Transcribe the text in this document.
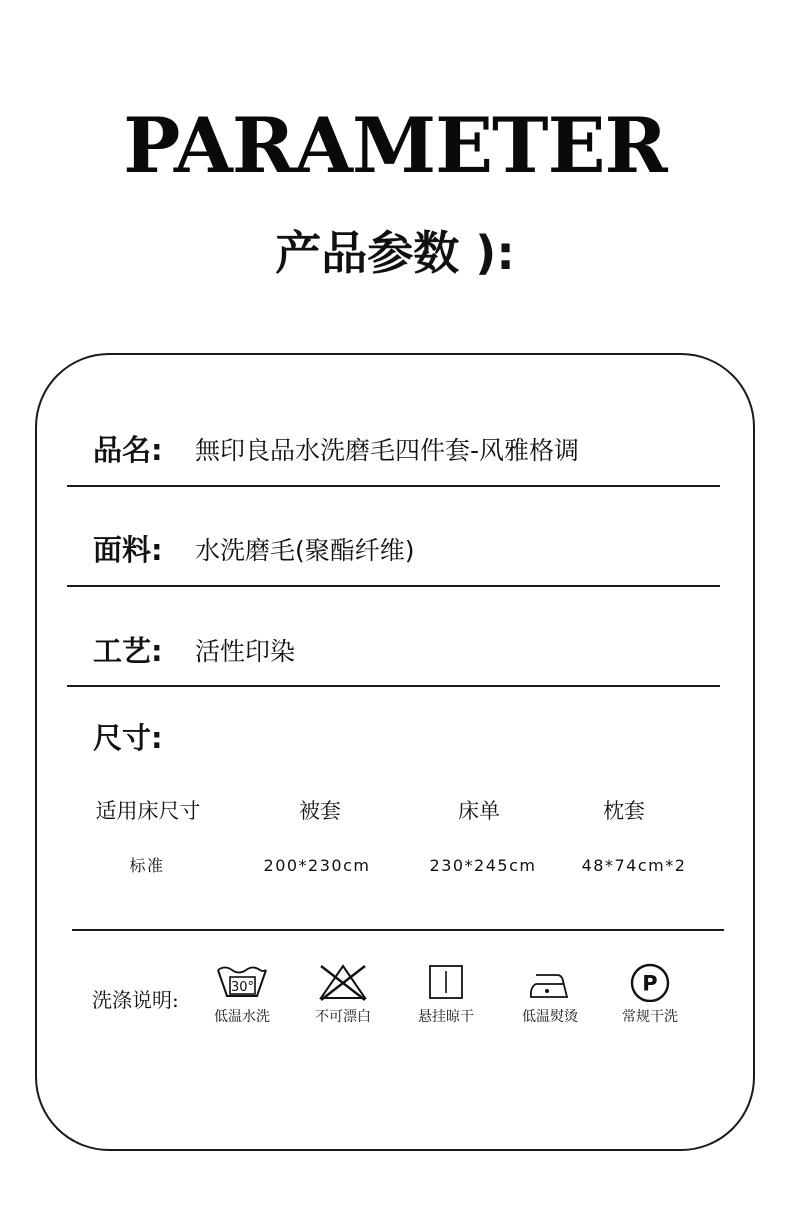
PARAMETER
产品参数 ):
品名: 無印良品水洗磨毛四件套-风雅格调
面料: 水洗磨毛(聚酯纤维)
工艺: 活性印染
尺寸:
适用床尺寸	被套	床单	枕套
标准	200*230cm	230*245cm	48*74cm*2
洗涤说明:
30°
低温水洗	不可漂白	悬挂晾干	低温熨烫
P
常规干洗
